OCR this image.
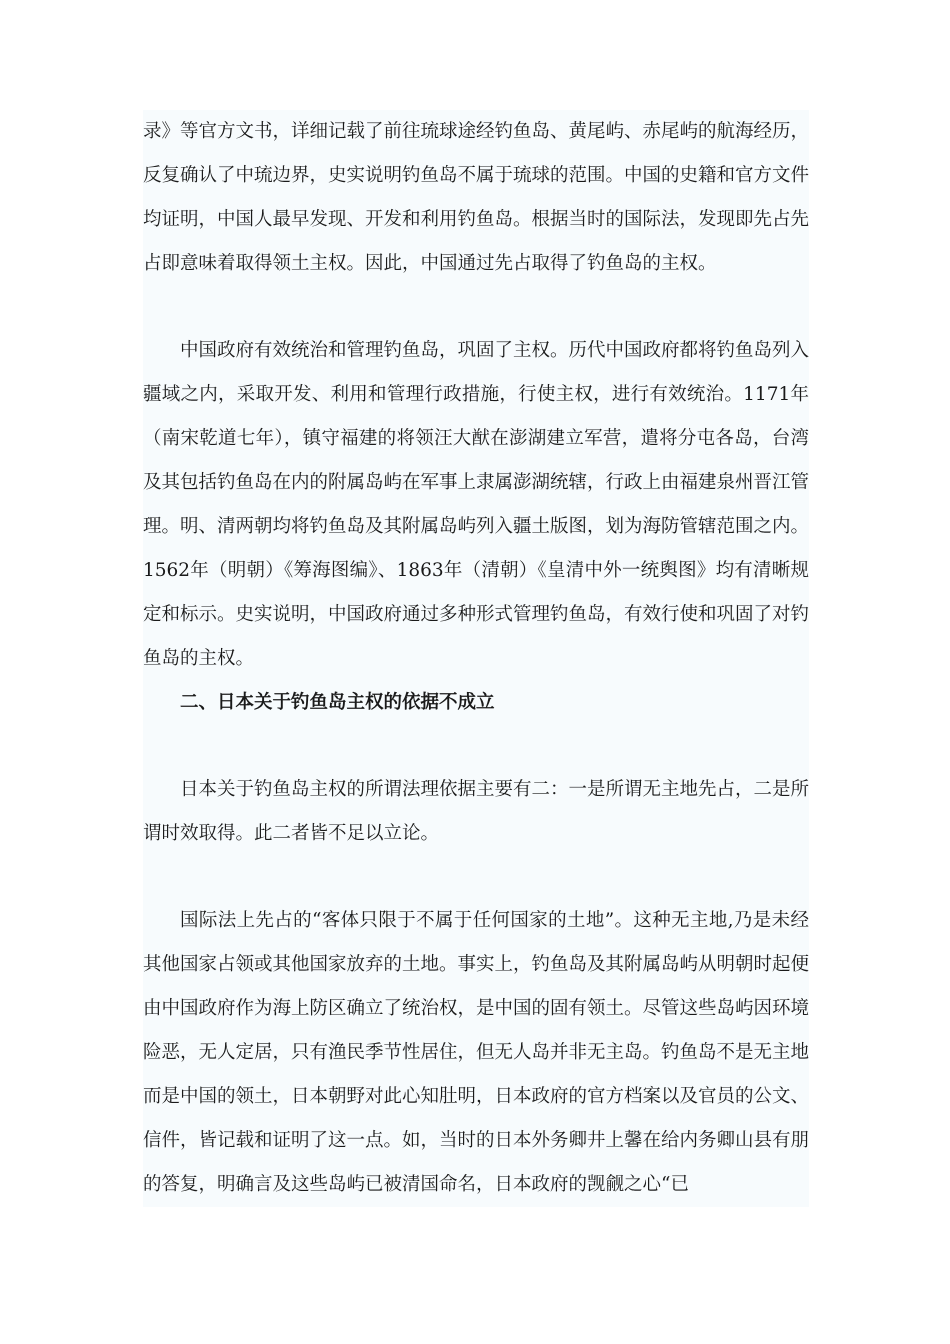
录》等官方文书，详细记载了前往琉球途经钓鱼岛、黄尾屿、赤尾屿的航海经历，反复确认了中琉边界，史实说明钓鱼岛不属于琉球的范围。中国的史籍和官方文件均证明，中国人最早发现、开发和利用钓鱼岛。根据当时的国际法，发现即先占先占即意味着取得领土主权。因此，中国通过先占取得了钓鱼岛的主权。

中国政府有效统治和管理钓鱼岛，巩固了主权。历代中国政府都将钓鱼岛列入疆域之内，采取开发、利用和管理行政措施，行使主权，进行有效统治。1171年（南宋乾道七年），镇守福建的将领汪大猷在澎湖建立军营，遣将分屯各岛，台湾及其包括钓鱼岛在内的附属岛屿在军事上隶属澎湖统辖，行政上由福建泉州晋江管理。明、清两朝均将钓鱼岛及其附属岛屿列入疆土版图，划为海防管辖范围之内。1562年（明朝）《筹海图编》、1863年（清朝）《皇清中外一统舆图》均有清晰规定和标示。史实说明，中国政府通过多种形式管理钓鱼岛，有效行使和巩固了对钓鱼岛的主权。

二、日本关于钓鱼岛主权的依据不成立

日本关于钓鱼岛主权的所谓法理依据主要有二：一是所谓无主地先占，二是所谓时效取得。此二者皆不足以立论。

国际法上先占的“客体只限于不属于任何国家的土地”。这种无主地,乃是未经其他国家占领或其他国家放弃的土地。事实上，钓鱼岛及其附属岛屿从明朝时起便由中国政府作为海上防区确立了统治权，是中国的固有领土。尽管这些岛屿因环境险恶，无人定居，只有渔民季节性居住，但无人岛并非无主岛。钓鱼岛不是无主地而是中国的领土，日本朝野对此心知肚明，日本政府的官方档案以及官员的公文、信件，皆记载和证明了这一点。如，当时的日本外务卿井上馨在给内务卿山县有朋的答复，明确言及这些岛屿已被清国命名，日本政府的觊觎之心“已
